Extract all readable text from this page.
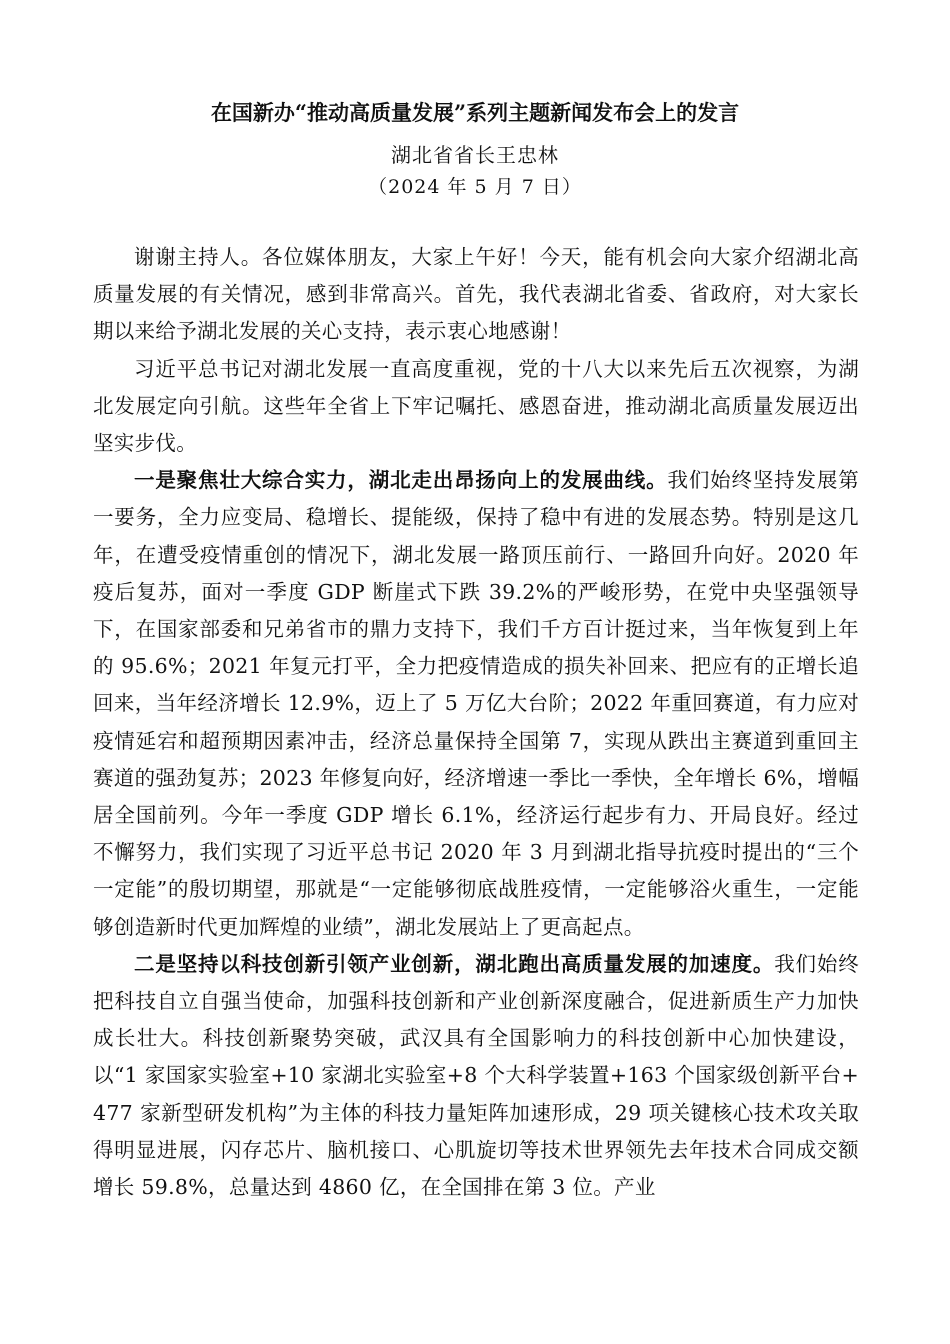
在国新办“推动高质量发展”系列主题新闻发布会上的发言
湖北省省长王忠林
（2024 年 5 月 7 日）

谢谢主持人。各位媒体朋友，大家上午好！今天，能有机会向大家介绍湖北高质量发展的有关情况，感到非常高兴。首先，我代表湖北省委、省政府，对大家长期以来给予湖北发展的关心支持，表示衷心地感谢！

习近平总书记对湖北发展一直高度重视，党的十八大以来先后五次视察，为湖北发展定向引航。这些年全省上下牢记嘱托、感恩奋进，推动湖北高质量发展迈出坚实步伐。

一是聚焦壮大综合实力，湖北走出昂扬向上的发展曲线。我们始终坚持发展第一要务，全力应变局、稳增长、提能级，保持了稳中有进的发展态势。特别是这几年，在遭受疫情重创的情况下，湖北发展一路顶压前行、一路回升向好。2020 年疫后复苏，面对一季度 GDP 断崖式下跌 39.2%的严峻形势，在党中央坚强领导下，在国家部委和兄弟省市的鼎力支持下，我们千方百计挺过来，当年恢复到上年的 95.6%；2021 年复元打平，全力把疫情造成的损失补回来、把应有的正增长追回来，当年经济增长 12.9%，迈上了 5 万亿大台阶；2022 年重回赛道，有力应对疫情延宕和超预期因素冲击，经济总量保持全国第 7，实现从跌出主赛道到重回主赛道的强劲复苏；2023 年修复向好，经济增速一季比一季快，全年增长 6%，增幅居全国前列。今年一季度 GDP 增长 6.1%，经济运行起步有力、开局良好。经过不懈努力，我们实现了习近平总书记 2020 年 3 月到湖北指导抗疫时提出的“三个一定能”的殷切期望，那就是“一定能够彻底战胜疫情，一定能够浴火重生，一定能够创造新时代更加辉煌的业绩”，湖北发展站上了更高起点。

二是坚持以科技创新引领产业创新，湖北跑出高质量发展的加速度。我们始终把科技自立自强当使命，加强科技创新和产业创新深度融合，促进新质生产力加快成长壮大。科技创新聚势突破，武汉具有全国影响力的科技创新中心加快建设，以“1 家国家实验室+10 家湖北实验室+8 个大科学装置+163 个国家级创新平台+477 家新型研发机构”为主体的科技力量矩阵加速形成，29 项关键核心技术攻关取得明显进展，闪存芯片、脑机接口、心肌旋切等技术世界领先去年技术合同成交额增长 59.8%，总量达到 4860 亿，在全国排在第 3 位。产业
